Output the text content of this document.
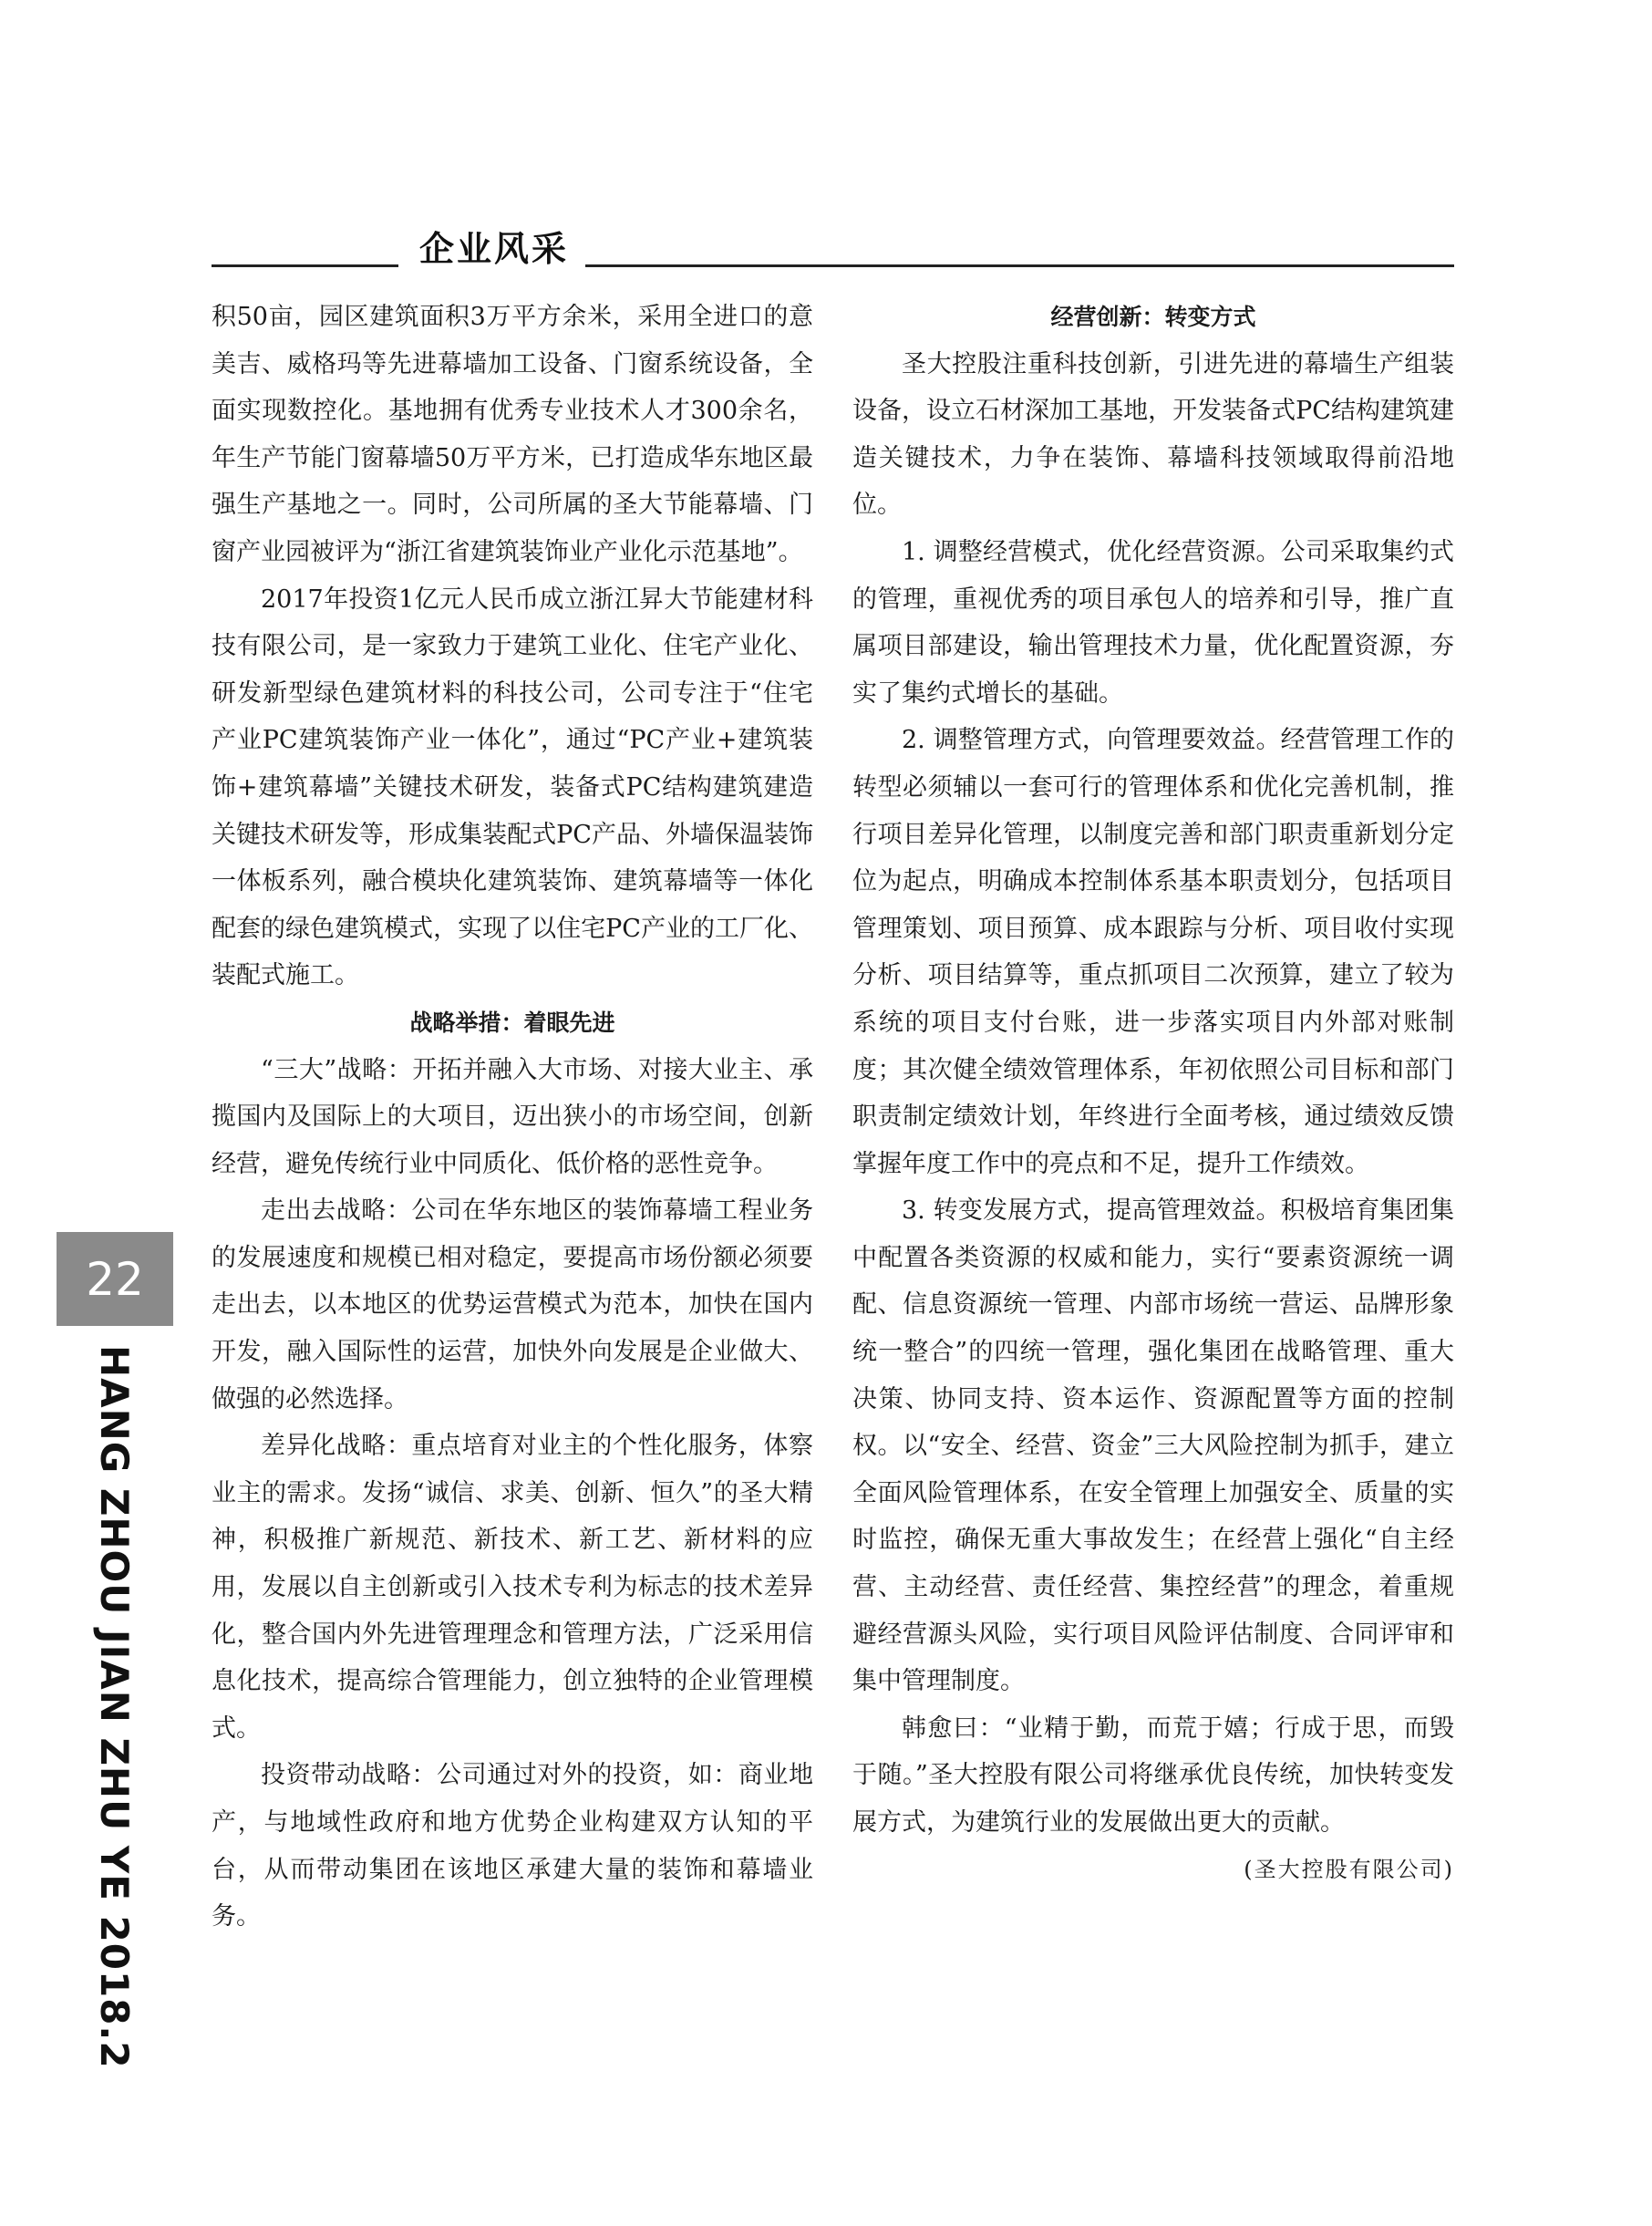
企业风采

积50亩，园区建筑面积3万平方余米，采用全进口的意美吉、威格玛等先进幕墙加工设备、门窗系统设备，全面实现数控化。基地拥有优秀专业技术人才300余名，年生产节能门窗幕墙50万平方米，已打造成华东地区最强生产基地之一。同时，公司所属的圣大节能幕墙、门窗产业园被评为“浙江省建筑装饰业产业化示范基地”。

2017年投资1亿元人民币成立浙江昇大节能建材科技有限公司，是一家致力于建筑工业化、住宅产业化、研发新型绿色建筑材料的科技公司，公司专注于“住宅产业PC建筑装饰产业一体化”，通过“PC产业+建筑装饰+建筑幕墙”关键技术研发，装备式PC结构建筑建造关键技术研发等，形成集装配式PC产品、外墙保温装饰一体板系列，融合模块化建筑装饰、建筑幕墙等一体化配套的绿色建筑模式，实现了以住宅PC产业的工厂化、装配式施工。

战略举措：着眼先进

“三大”战略：开拓并融入大市场、对接大业主、承揽国内及国际上的大项目，迈出狭小的市场空间，创新经营，避免传统行业中同质化、低价格的恶性竞争。

走出去战略：公司在华东地区的装饰幕墙工程业务的发展速度和规模已相对稳定，要提高市场份额必须要走出去，以本地区的优势运营模式为范本，加快在国内开发，融入国际性的运营，加快外向发展是企业做大、做强的必然选择。

差异化战略：重点培育对业主的个性化服务，体察业主的需求。发扬“诚信、求美、创新、恒久”的圣大精神，积极推广新规范、新技术、新工艺、新材料的应用，发展以自主创新或引入技术专利为标志的技术差异化，整合国内外先进管理理念和管理方法，广泛采用信息化技术，提高综合管理能力，创立独特的企业管理模式。

投资带动战略：公司通过对外的投资，如：商业地产，与地域性政府和地方优势企业构建双方认知的平台，从而带动集团在该地区承建大量的装饰和幕墙业务。

经营创新：转变方式

圣大控股注重科技创新，引进先进的幕墙生产组装设备，设立石材深加工基地，开发装备式PC结构建筑建造关键技术，力争在装饰、幕墙科技领域取得前沿地位。

1. 调整经营模式，优化经营资源。公司采取集约式的管理，重视优秀的项目承包人的培养和引导，推广直属项目部建设，输出管理技术力量，优化配置资源，夯实了集约式增长的基础。

2. 调整管理方式，向管理要效益。经营管理工作的转型必须辅以一套可行的管理体系和优化完善机制，推行项目差异化管理，以制度完善和部门职责重新划分定位为起点，明确成本控制体系基本职责划分，包括项目管理策划、项目预算、成本跟踪与分析、项目收付实现分析、项目结算等，重点抓项目二次预算，建立了较为系统的项目支付台账，进一步落实项目内外部对账制度；其次健全绩效管理体系，年初依照公司目标和部门职责制定绩效计划，年终进行全面考核，通过绩效反馈掌握年度工作中的亮点和不足，提升工作绩效。

3. 转变发展方式，提高管理效益。积极培育集团集中配置各类资源的权威和能力，实行“要素资源统一调配、信息资源统一管理、内部市场统一营运、品牌形象统一整合”的四统一管理，强化集团在战略管理、重大决策、协同支持、资本运作、资源配置等方面的控制权。以“安全、经营、资金”三大风险控制为抓手，建立全面风险管理体系，在安全管理上加强安全、质量的实时监控，确保无重大事故发生；在经营上强化“自主经营、主动经营、责任经营、集控经营”的理念，着重规避经营源头风险，实行项目风险评估制度、合同评审和集中管理制度。

韩愈曰：“业精于勤，而荒于嬉；行成于思，而毁于随。”圣大控股有限公司将继承优良传统，加快转变发展方式，为建筑行业的发展做出更大的贡献。

(圣大控股有限公司)

22
HANG ZHOU JIAN ZHU YE 2018.2
